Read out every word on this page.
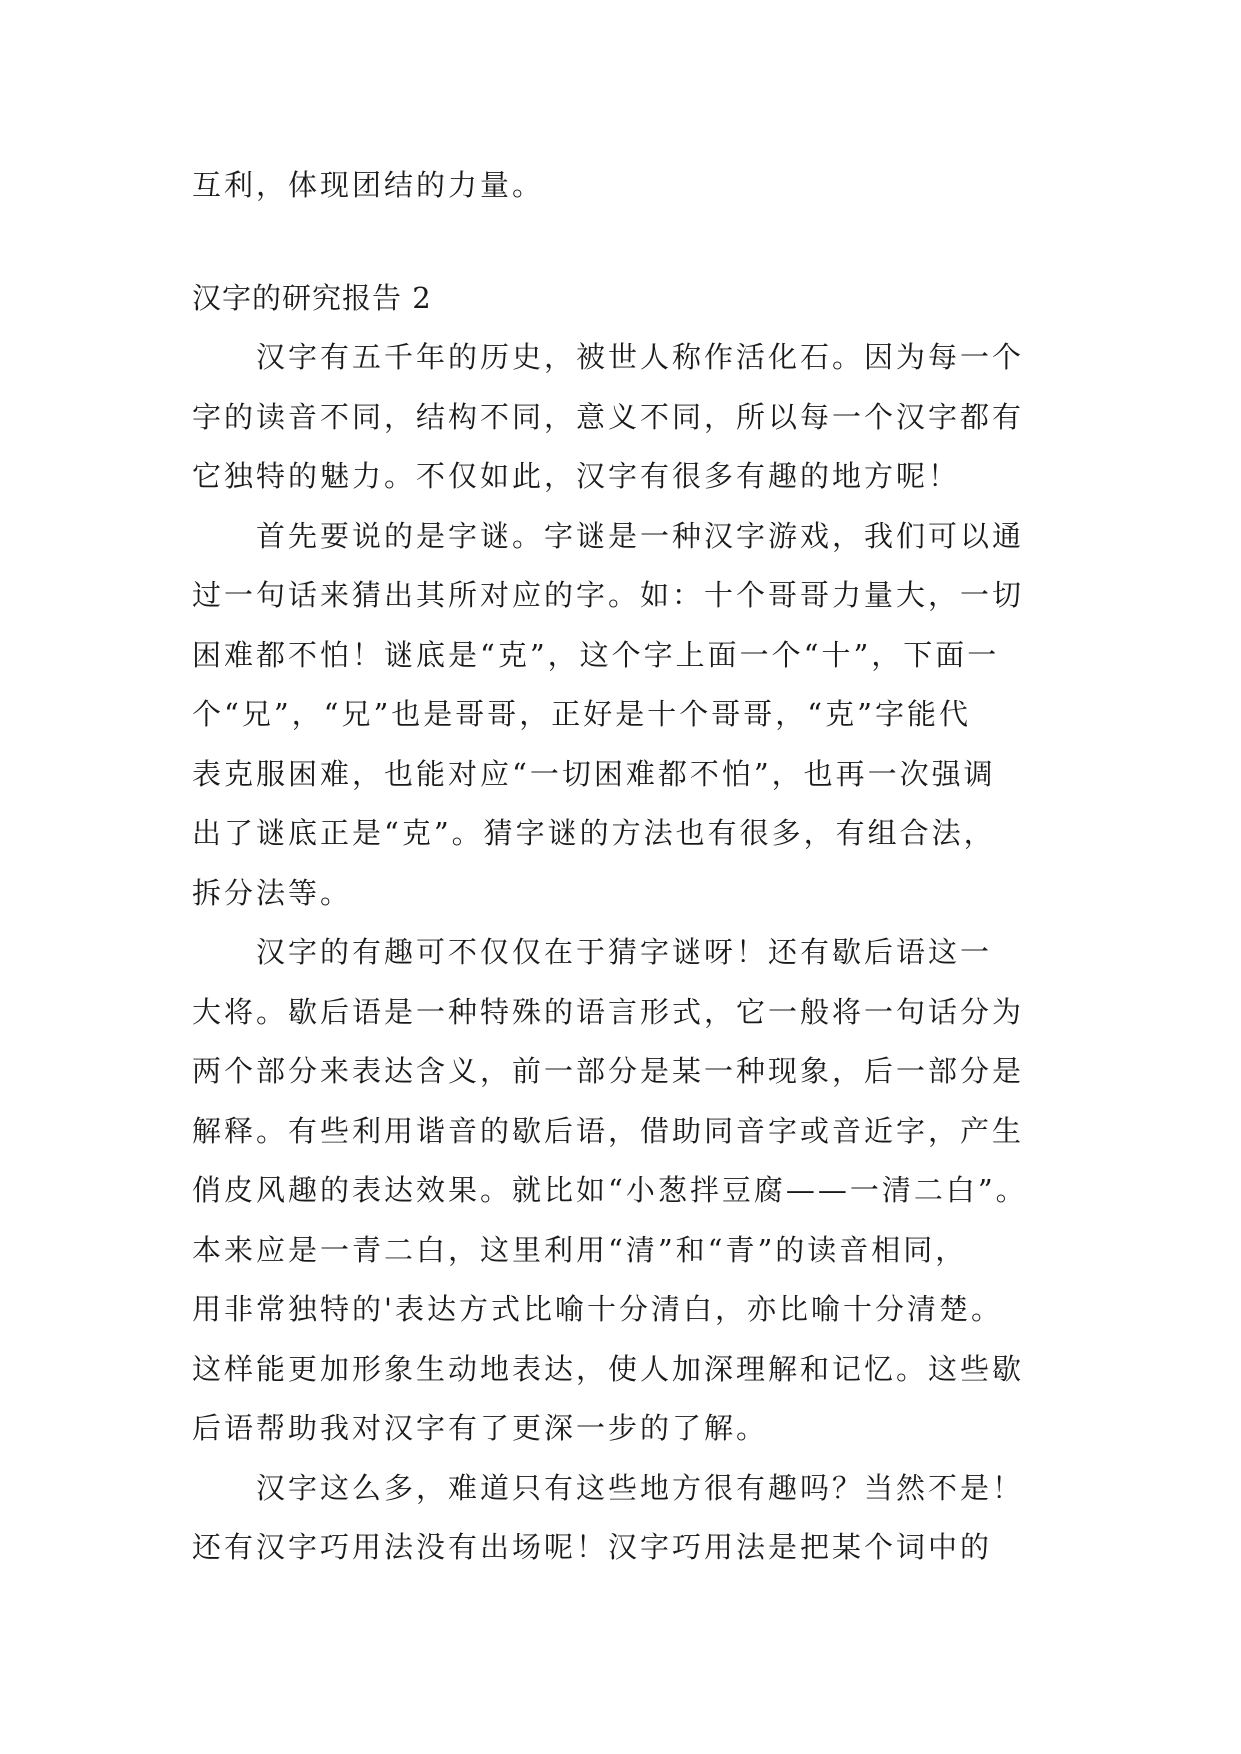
互利，体现团结的力量。
汉字的研究报告 2
汉字有五千年的历史，被世人称作活化石。因为每一个
字的读音不同，结构不同，意义不同，所以每一个汉字都有
它独特的魅力。不仅如此，汉字有很多有趣的地方呢！
首先要说的是字谜。字谜是一种汉字游戏，我们可以通
过一句话来猜出其所对应的字。如：十个哥哥力量大，一切
困难都不怕！谜底是“克”，这个字上面一个“十”，下面一
个“兄”，“兄”也是哥哥，正好是十个哥哥，“克”字能代
表克服困难，也能对应“一切困难都不怕”，也再一次强调
出了谜底正是“克”。猜字谜的方法也有很多，有组合法，
拆分法等。
汉字的有趣可不仅仅在于猜字谜呀！还有歇后语这一
大将。歇后语是一种特殊的语言形式，它一般将一句话分为
两个部分来表达含义，前一部分是某一种现象，后一部分是
解释。有些利用谐音的歇后语，借助同音字或音近字，产生
俏皮风趣的表达效果。就比如“小葱拌豆腐——一清二白”。
本来应是一青二白，这里利用“清”和“青”的读音相同，
用非常独特的'表达方式比喻十分清白，亦比喻十分清楚。
这样能更加形象生动地表达，使人加深理解和记忆。这些歇
后语帮助我对汉字有了更深一步的了解。
汉字这么多，难道只有这些地方很有趣吗？当然不是！
还有汉字巧用法没有出场呢！汉字巧用法是把某个词中的
